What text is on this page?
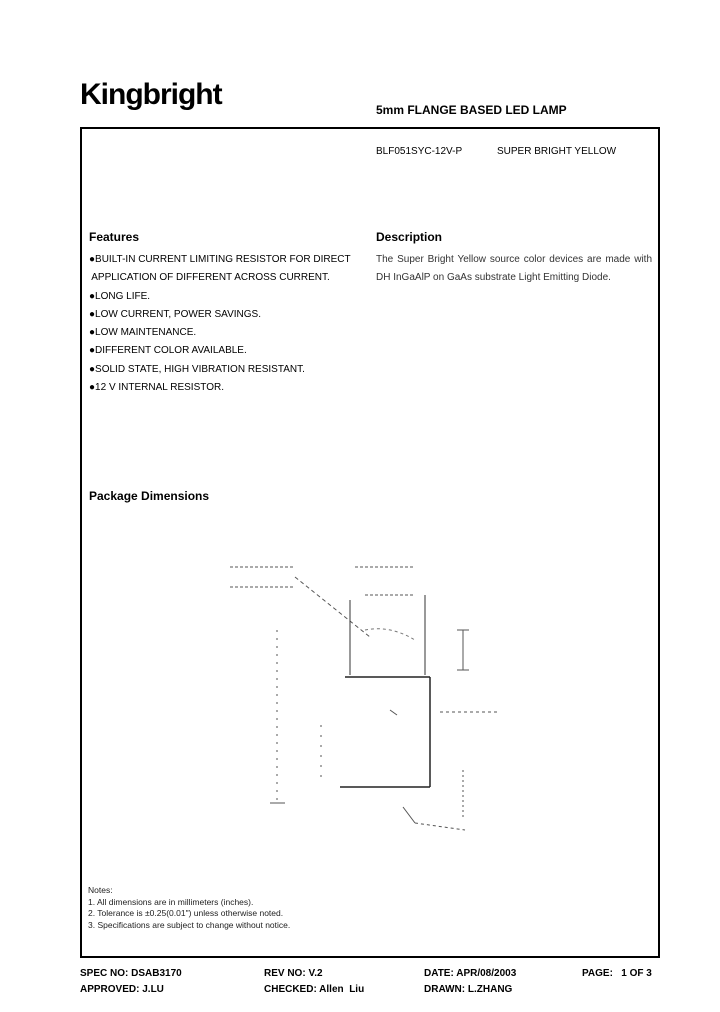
Kingbright	5mm FLANGE BASED LED LAMP
BLF051SYC-12V-P	SUPER BRIGHT YELLOW
Features
●BUILT-IN CURRENT LIMITING RESISTOR FOR DIRECT
APPLICATION OF DIFFERENT ACROSS CURRENT.
●LONG LIFE.
●LOW CURRENT, POWER SAVINGS.
●LOW MAINTENANCE.
●DIFFERENT COLOR AVAILABLE.
●SOLID STATE, HIGH VIBRATION RESISTANT.
●12 V INTERNAL RESISTOR.
Description
The Super Bright Yellow source color devices are made with DH InGaAlP on GaAs substrate Light Emitting Diode.
Package Dimensions
Notes:
1. All dimensions are in millimeters (inches).
2. Tolerance is ±0.25(0.01") unless otherwise noted.
3. Specifications are subject to change without notice.
SPEC NO: DSAB3170	REV NO: V.2	DATE: APR/08/2003	PAGE:   1 OF 3
APPROVED: J.LU	CHECKED: Allen  Liu	DRAWN: L.ZHANG
